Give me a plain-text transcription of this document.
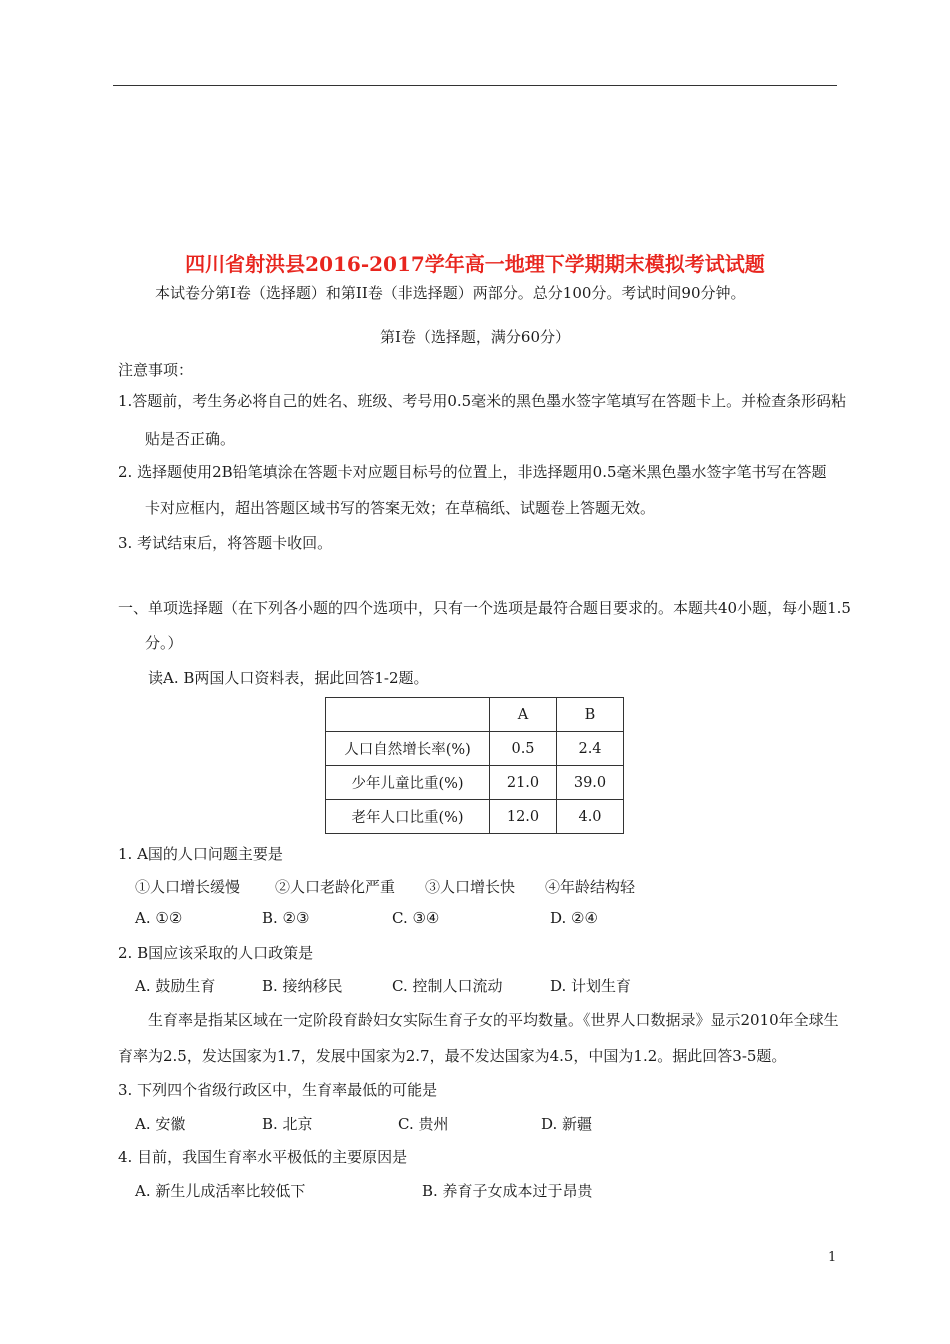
四川省射洪县2016-2017学年高一地理下学期期末模拟考试试题
本试卷分第I卷（选择题）和第II卷（非选择题）两部分。总分100分。考试时间90分钟。
第I卷（选择题，满分60分）
注意事项：
1.答题前，考生务必将自己的姓名、班级、考号用0.5毫米的黑色墨水签字笔填写在答题卡上。并检查条形码粘
贴是否正确。
2. 选择题使用2B铅笔填涂在答题卡对应题目标号的位置上，非选择题用0.5毫米黑色墨水签字笔书写在答题
卡对应框内，超出答题区域书写的答案无效；在草稿纸、试题卷上答题无效。
3. 考试结束后，将答题卡收回。
一、单项选择题（在下列各小题的四个选项中，只有一个选项是最符合题目要求的。本题共40小题，每小题1.5
分。）
读A. B两国人口资料表，据此回答1-2题。
	A	B
人口自然增长率(%)	0.5	2.4
少年儿童比重(%)	21.0	39.0
老年人口比重(%)	12.0	4.0
1. A国的人口问题主要是
①人口增长缓慢 ②人口老龄化严重 ③人口增长快 ④年龄结构轻
A. ①②	B. ②③	C. ③④	D. ②④
2. B国应该采取的人口政策是
A. 鼓励生育	B. 接纳移民	C. 控制人口流动	D. 计划生育
生育率是指某区域在一定阶段育龄妇女实际生育子女的平均数量。《世界人口数据录》显示2010年全球生
育率为2.5，发达国家为1.7，发展中国家为2.7，最不发达国家为4.5，中国为1.2。据此回答3-5题。
3. 下列四个省级行政区中，生育率最低的可能是
A. 安徽	B. 北京	C. 贵州	D. 新疆
4. 目前，我国生育率水平极低的主要原因是
A. 新生儿成活率比较低下	B. 养育子女成本过于昂贵
1
